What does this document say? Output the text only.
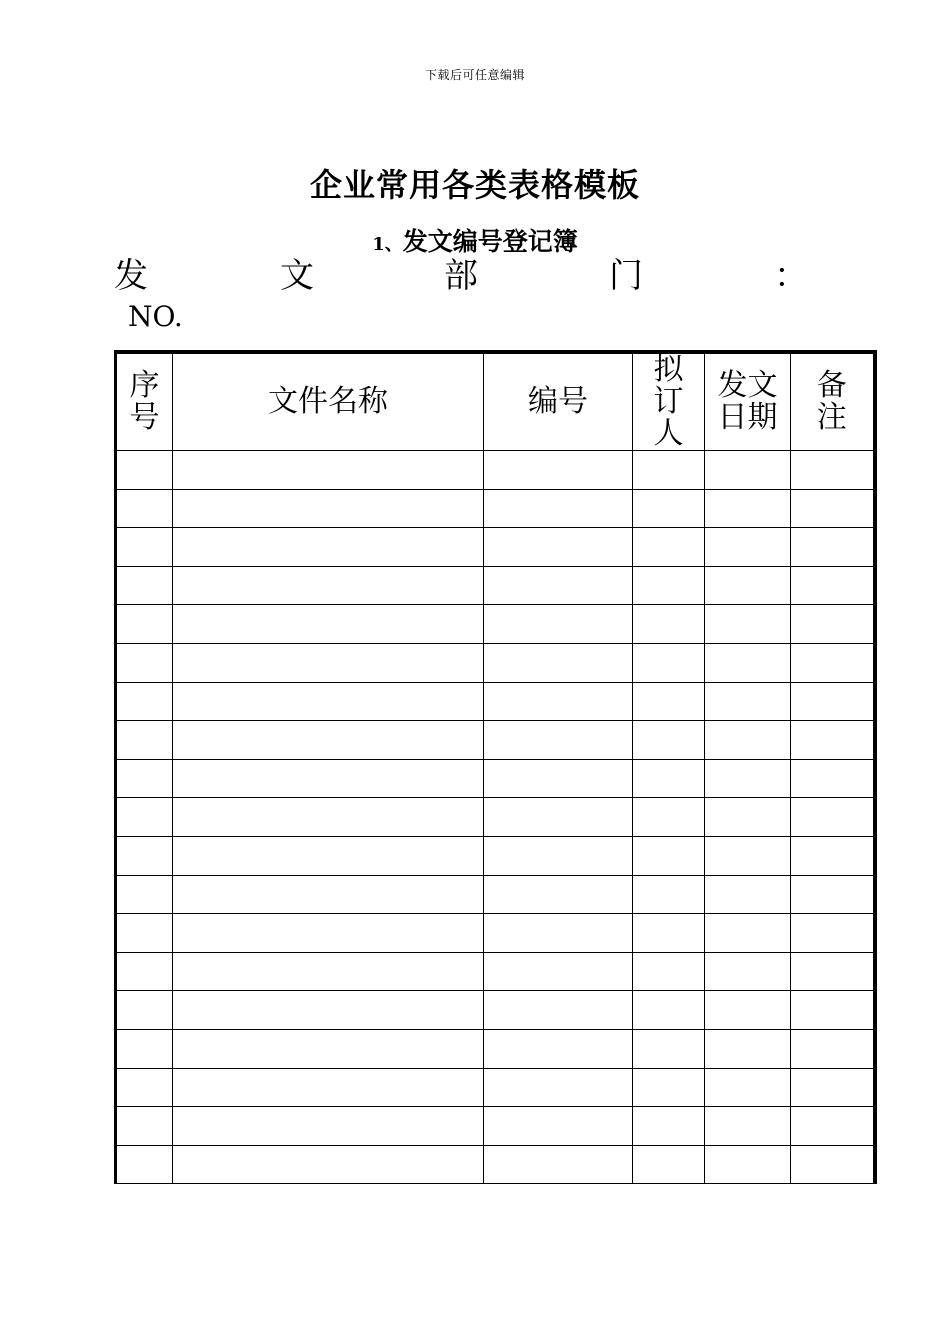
下载后可任意编辑
企业常用各类表格模板
1、发文编号登记簿
发	文	部	门	：
NO.
序号	文件名称	编号	拟订人	发文日期	备注
